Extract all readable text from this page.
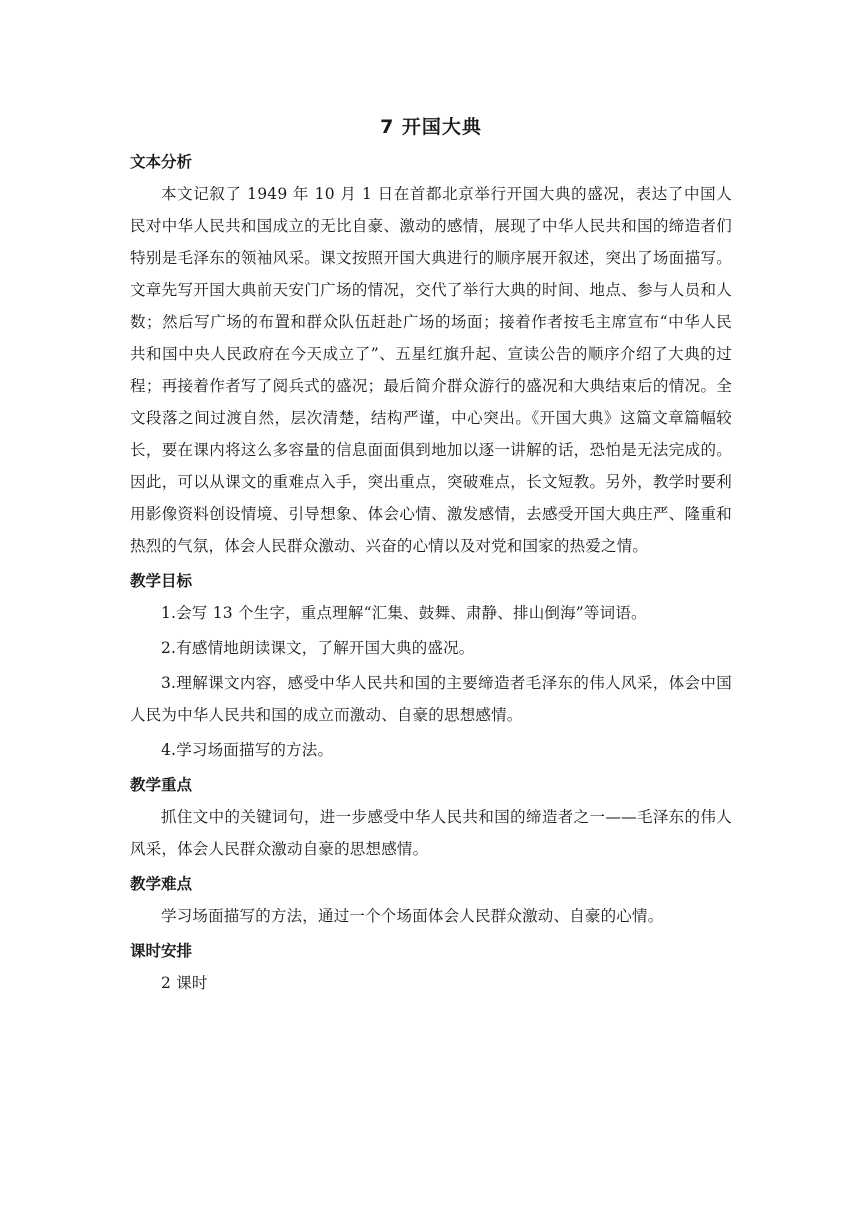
7 开国大典
文本分析

本文记叙了 1949 年 10 月 1 日在首都北京举行开国大典的盛况，表达了中国人民对中华人民共和国成立的无比自豪、激动的感情，展现了中华人民共和国的缔造者们特别是毛泽东的领袖风采。课文按照开国大典进行的顺序展开叙述，突出了场面描写。文章先写开国大典前天安门广场的情况，交代了举行大典的时间、地点、参与人员和人数；然后写广场的布置和群众队伍赶赴广场的场面；接着作者按毛主席宣布“中华人民共和国中央人民政府在今天成立了”、五星红旗升起、宣读公告的顺序介绍了大典的过程；再接着作者写了阅兵式的盛况；最后简介群众游行的盛况和大典结束后的情况。全文段落之间过渡自然，层次清楚，结构严谨，中心突出。《开国大典》这篇文章篇幅较长，要在课内将这么多容量的信息面面俱到地加以逐一讲解的话，恐怕是无法完成的。因此，可以从课文的重难点入手，突出重点，突破难点，长文短教。另外，教学时要利用影像资料创设情境、引导想象、体会心情、激发感情，去感受开国大典庄严、隆重和热烈的气氛，体会人民群众激动、兴奋的心情以及对党和国家的热爱之情。

教学目标

1.会写 13 个生字，重点理解“汇集、鼓舞、肃静、排山倒海”等词语。

2.有感情地朗读课文，了解开国大典的盛况。

3.理解课文内容，感受中华人民共和国的主要缔造者毛泽东的伟人风采，体会中国人民为中华人民共和国的成立而激动、自豪的思想感情。

4.学习场面描写的方法。

教学重点

抓住文中的关键词句，进一步感受中华人民共和国的缔造者之一——毛泽东的伟人风采，体会人民群众激动自豪的思想感情。

教学难点

学习场面描写的方法，通过一个个场面体会人民群众激动、自豪的心情。

课时安排

2 课时
